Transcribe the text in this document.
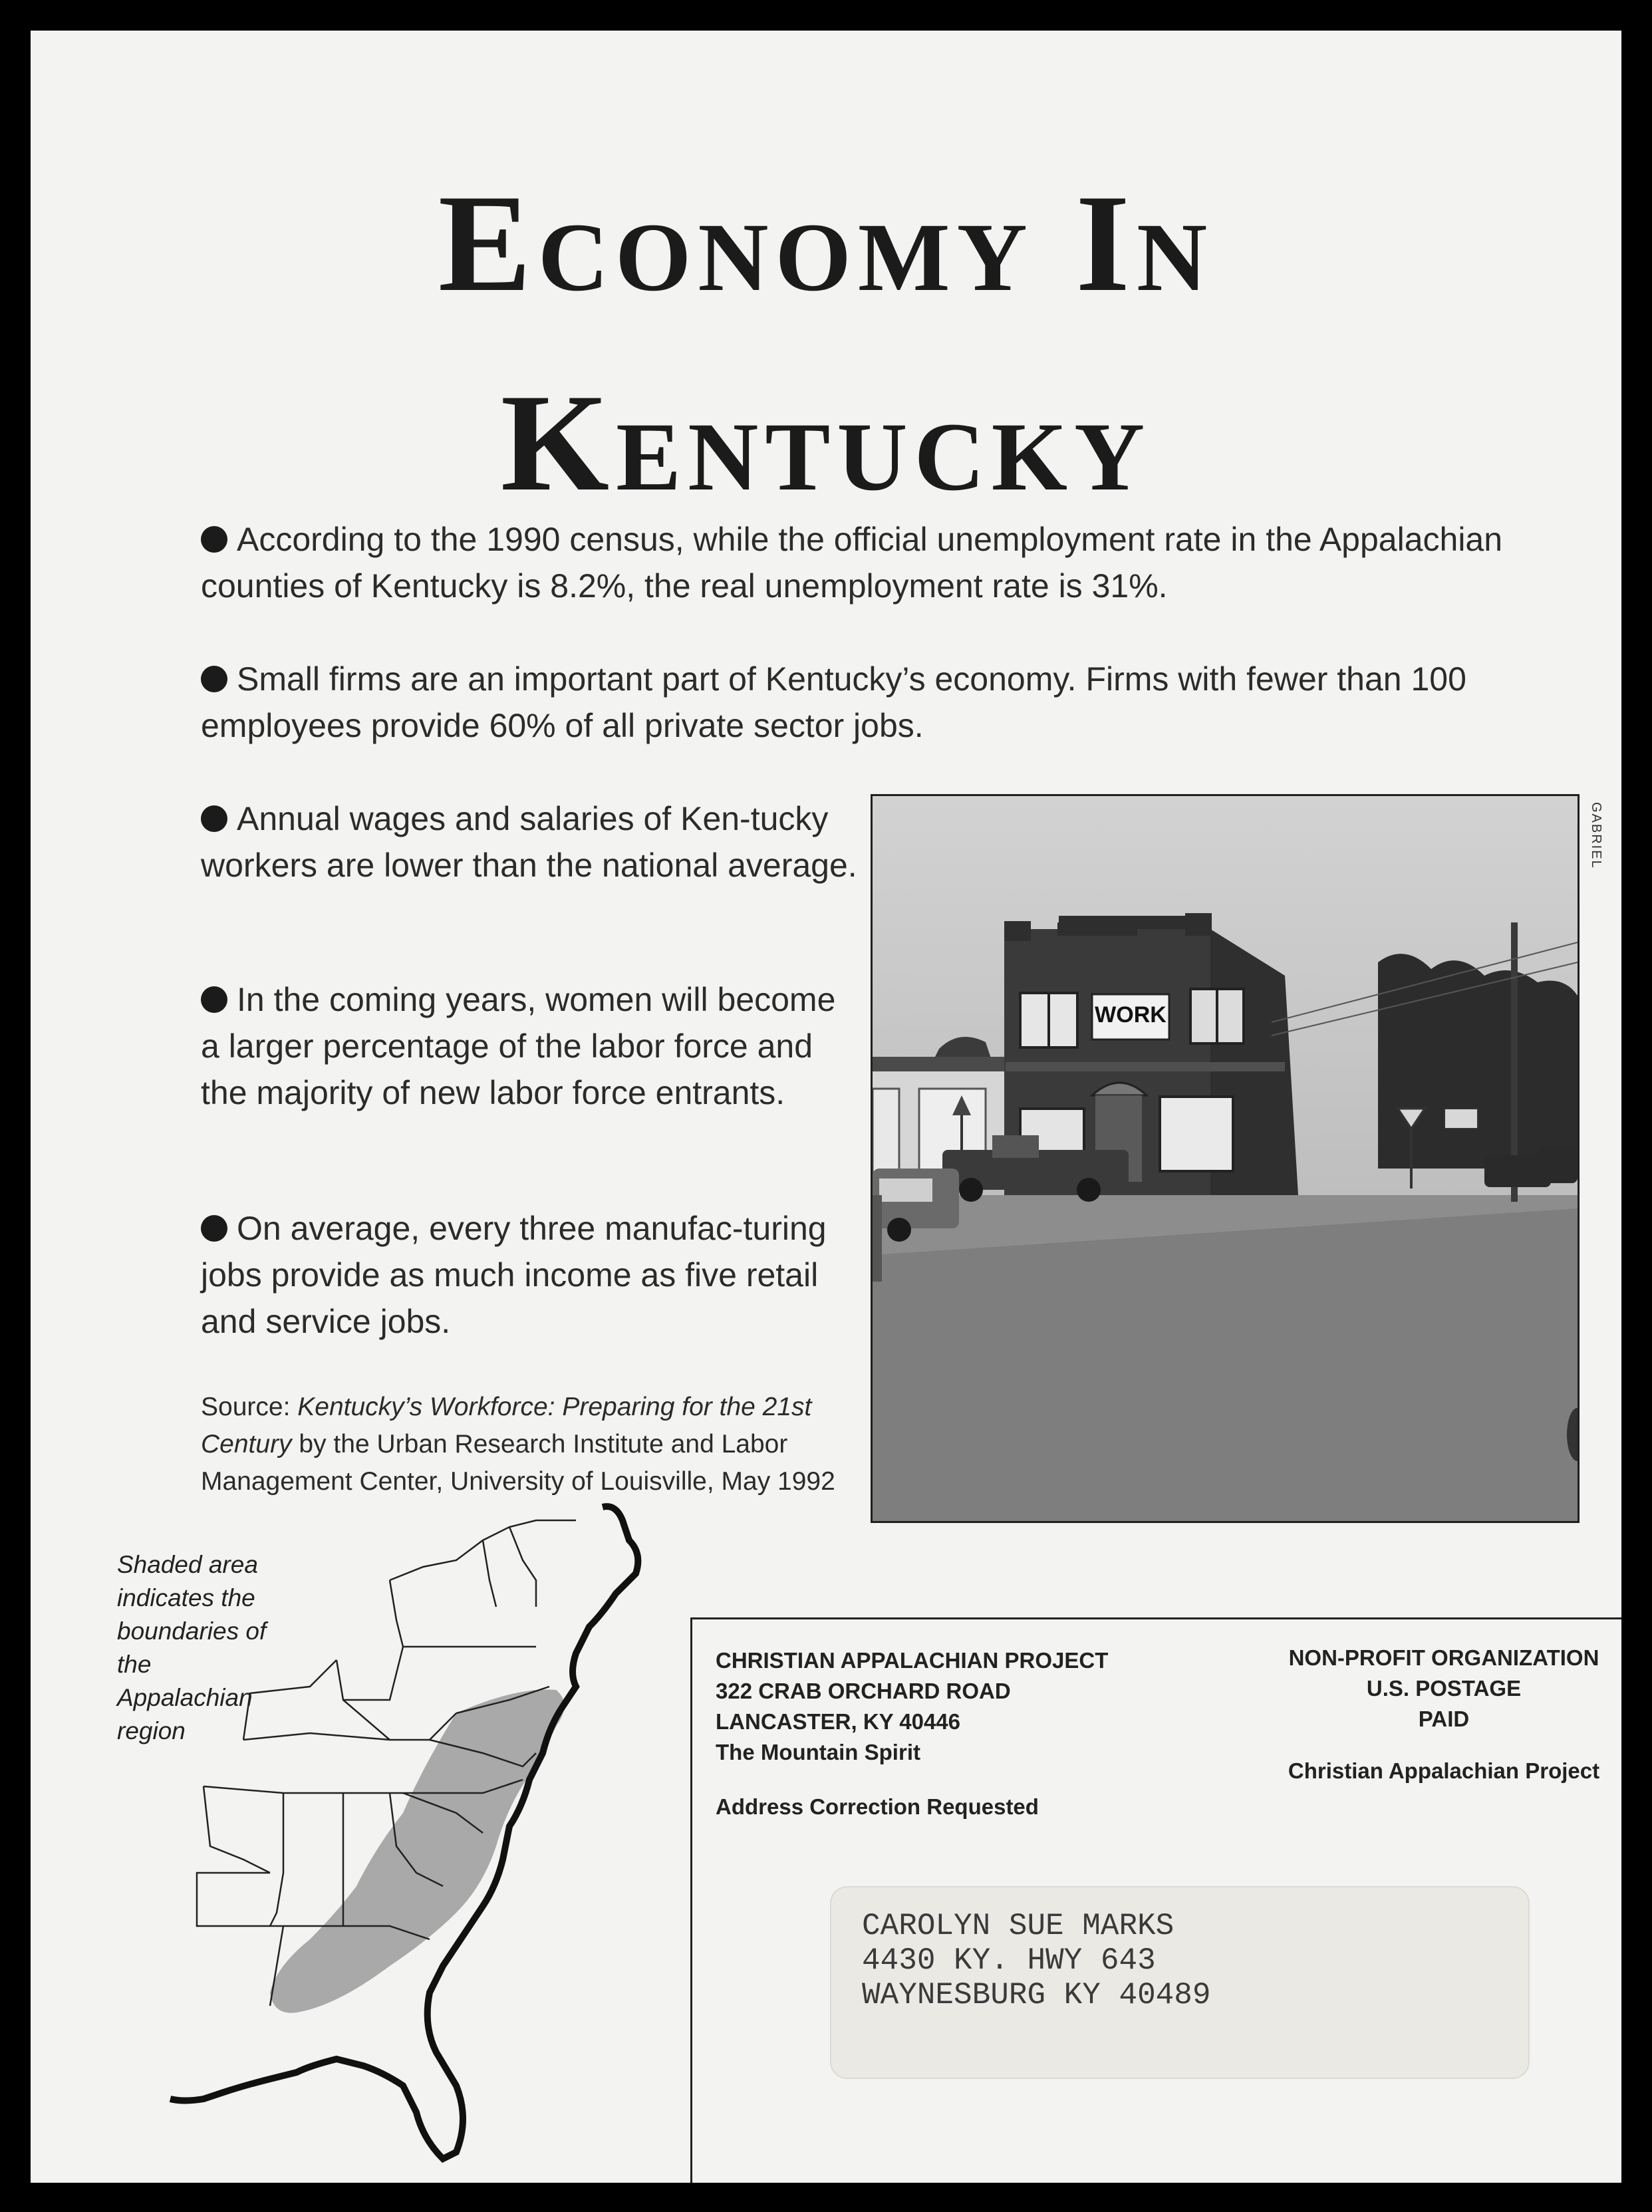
Economy In
Kentucky
According to the 1990 census, while the official unemployment rate in the Appalachian counties of Kentucky is 8.2%, the real unemployment rate is 31%.
Small firms are an important part of Kentucky’s economy. Firms with fewer than 100 employees provide 60% of all private sector jobs.
Annual wages and salaries of Ken-tucky workers are lower than the national average.
In the coming years, women will become a larger percentage of the labor force and the majority of new labor force entrants.
On average, every three manufac-turing jobs provide as much income as five retail and service jobs.
Source: Kentucky’s Workforce: Preparing for the 21st Century by the Urban Research Institute and Labor Management Center, University of Louisville, May 1992
WORK
GABRIEL
Shaded area indicates the boundaries of the Appalachian region
CHRISTIAN APPALACHIAN PROJECT
322 CRAB ORCHARD ROAD
LANCASTER, KY 40446
The Mountain Spirit
Address Correction Requested
NON-PROFIT ORGANIZATION
U.S. POSTAGE
PAID
Christian Appalachian Project
CAROLYN SUE MARKS
4430 KY. HWY 643
WAYNESBURG KY 40489
